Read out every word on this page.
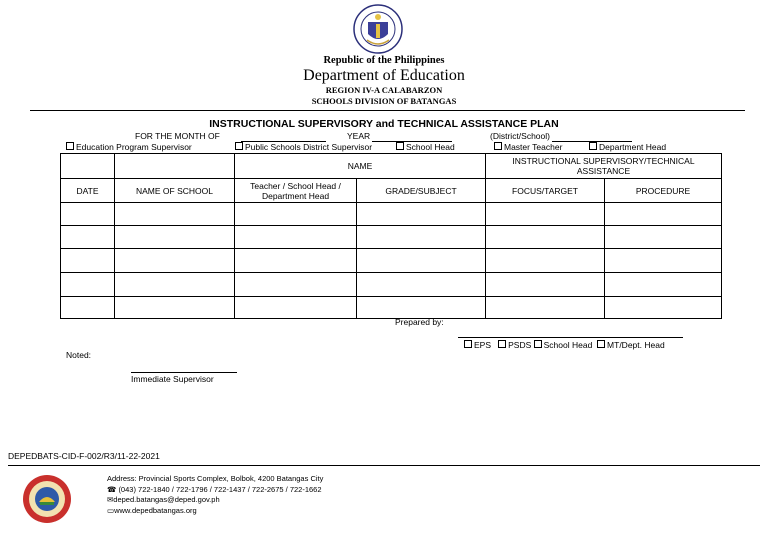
Republic of the Philippines
Department of Education
REGION IV-A CALABARZON
SCHOOLS DIVISION OF BATANGAS
INSTRUCTIONAL SUPERVISORY and TECHNICAL ASSISTANCE PLAN
FOR THE MONTH OF	YEAR	(District/School)
Education Program Supervisor	Public Schools District Supervisor	School Head	Master Teacher	Department Head
		NAME		INSTRUCTIONAL SUPERVISORY/TECHNICAL ASSISTANCE	
DATE	NAME OF SCHOOL	Teacher / School Head / Department Head	GRADE/SUBJECT	FOCUS/TARGET	PROCEDURE

Prepared by:
EPS PSDS School Head MT/Dept. Head
Noted:
Immediate Supervisor
DEPEDBATS-CID-F-002/R3/11-22-2021
Address: Provincial Sports Complex, Bolbok, 4200 Batangas City
☎ (043) 722-1840 / 722-1796 / 722-1437 / 722-2675 / 722-1662
✉deped.batangas@deped.gov.ph
▭www.depedbatangas.org
